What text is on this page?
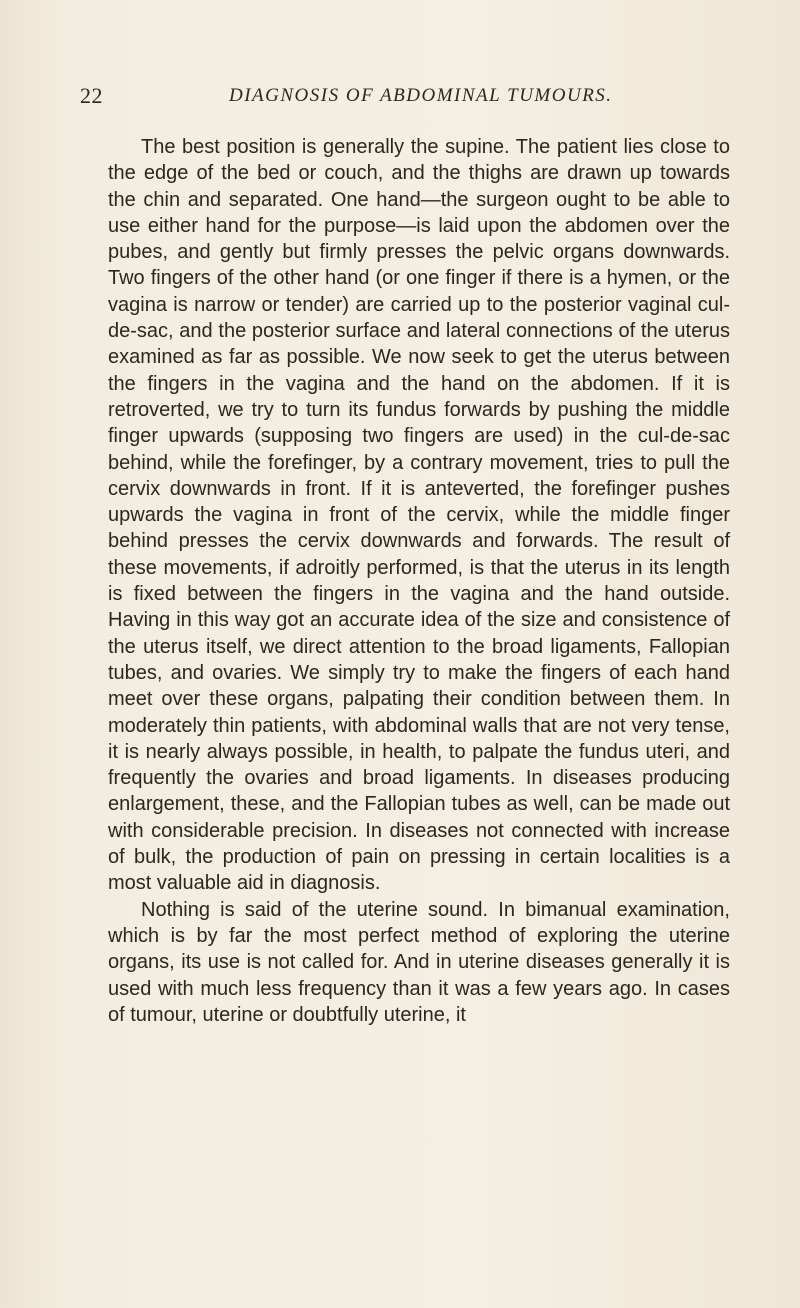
22	DIAGNOSIS OF ABDOMINAL TUMOURS.

The best position is generally the supine. The patient lies close to the edge of the bed or couch, and the thighs are drawn up towards the chin and separated. One hand—the surgeon ought to be able to use either hand for the purpose—is laid upon the abdomen over the pubes, and gently but firmly presses the pelvic organs downwards. Two fingers of the other hand (or one finger if there is a hymen, or the vagina is narrow or tender) are carried up to the posterior vaginal cul-de-sac, and the posterior surface and lateral connections of the uterus examined as far as possible. We now seek to get the uterus between the fingers in the vagina and the hand on the abdomen. If it is retroverted, we try to turn its fundus forwards by pushing the middle finger upwards (supposing two fingers are used) in the cul-de-sac behind, while the forefinger, by a contrary movement, tries to pull the cervix downwards in front. If it is anteverted, the forefinger pushes upwards the vagina in front of the cervix, while the middle finger behind presses the cervix downwards and forwards. The result of these movements, if adroitly performed, is that the uterus in its length is fixed between the fingers in the vagina and the hand outside. Having in this way got an accurate idea of the size and consistence of the uterus itself, we direct attention to the broad ligaments, Fallopian tubes, and ovaries. We simply try to make the fingers of each hand meet over these organs, palpating their condition between them. In moderately thin patients, with abdominal walls that are not very tense, it is nearly always possible, in health, to palpate the fundus uteri, and frequently the ovaries and broad ligaments. In diseases producing enlargement, these, and the Fallopian tubes as well, can be made out with considerable precision. In diseases not connected with increase of bulk, the production of pain on pressing in certain localities is a most valuable aid in diagnosis.

Nothing is said of the uterine sound. In bimanual examination, which is by far the most perfect method of exploring the uterine organs, its use is not called for. And in uterine diseases generally it is used with much less frequency than it was a few years ago. In cases of tumour, uterine or doubtfully uterine, it
